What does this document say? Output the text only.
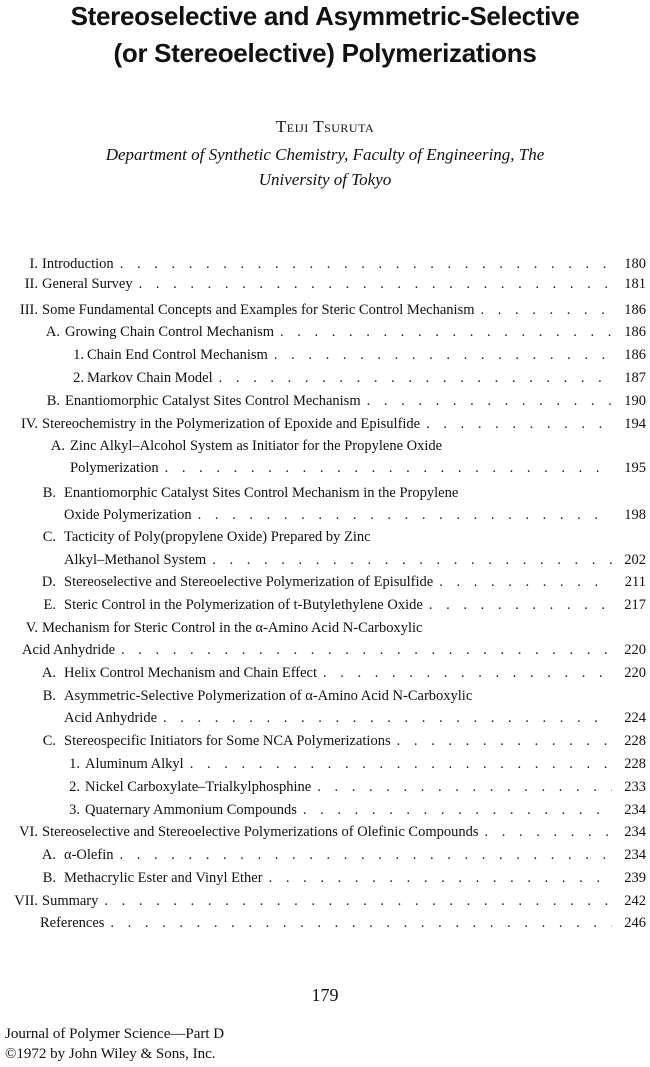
Stereoselective and Asymmetric-Selective
(or Stereoelective) Polymerizations
Teiji Tsuruta
Department of Synthetic Chemistry, Faculty of Engineering, The
University of Tokyo
I. Introduction . . .	180
II. General Survey . . .	181
III. Some Fundamental Concepts and Examples for Steric Control Mechanism . . .	186
A. Growing Chain Control Mechanism . . .	186
1. Chain End Control Mechanism . . .	186
2. Markov Chain Model . . .	187
B. Enantiomorphic Catalyst Sites Control Mechanism . . .	190
IV. Stereochemistry in the Polymerization of Epoxide and Episulfide . . .	194
A. Zinc Alkyl–Alcohol System as Initiator for the Propylene Oxide
Polymerization . . .	195
B. Enantiomorphic Catalyst Sites Control Mechanism in the Propylene
Oxide Polymerization . . .	198
C. Tacticity of Poly(propylene Oxide) Prepared by Zinc
Alkyl–Methanol System . . .	202
D. Stereoselective and Stereoelective Polymerization of Episulfide . . .	211
E. Steric Control in the Polymerization of t-Butylethylene Oxide . . .	217
V. Mechanism for Steric Control in the α-Amino Acid N-Carboxylic
Acid Anhydride . . .	220
A. Helix Control Mechanism and Chain Effect . . .	220
B. Asymmetric-Selective Polymerization of α-Amino Acid N-Carboxylic
Acid Anhydride . . .	224
C. Stereospecific Initiators for Some NCA Polymerizations . . .	228
1. Aluminum Alkyl . . .	228
2. Nickel Carboxylate–Trialkylphosphine . . .	233
3. Quaternary Ammonium Compounds . . .	234
VI. Stereoselective and Stereoelective Polymerizations of Olefinic Compounds . . .	234
A. α-Olefin . . .	234
B. Methacrylic Ester and Vinyl Ether . . .	239
VII. Summary . . .	242
References . . .	246
179
Journal of Polymer Science—Part D
©1972 by John Wiley & Sons, Inc.
